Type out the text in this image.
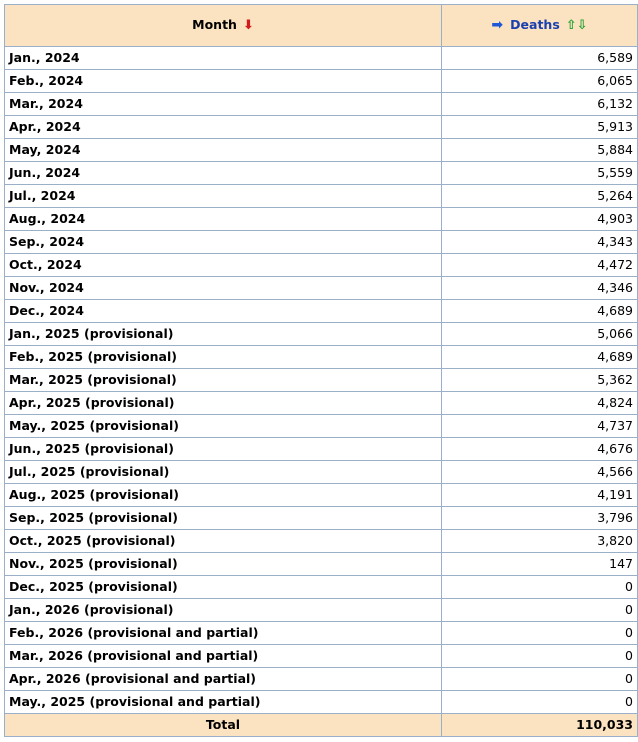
Month ⬇	➡ Deaths ⇧⇩
Jan., 2024	6,589
Feb., 2024	6,065
Mar., 2024	6,132
Apr., 2024	5,913
May, 2024	5,884
Jun., 2024	5,559
Jul., 2024	5,264
Aug., 2024	4,903
Sep., 2024	4,343
Oct., 2024	4,472
Nov., 2024	4,346
Dec., 2024	4,689
Jan., 2025 (provisional)	5,066
Feb., 2025 (provisional)	4,689
Mar., 2025 (provisional)	5,362
Apr., 2025 (provisional)	4,824
May., 2025 (provisional)	4,737
Jun., 2025 (provisional)	4,676
Jul., 2025 (provisional)	4,566
Aug., 2025 (provisional)	4,191
Sep., 2025 (provisional)	3,796
Oct., 2025 (provisional)	3,820
Nov., 2025 (provisional)	147
Dec., 2025 (provisional)	0
Jan., 2026 (provisional)	0
Feb., 2026 (provisional and partial)	0
Mar., 2026 (provisional and partial)	0
Apr., 2026 (provisional and partial)	0
May., 2025 (provisional and partial)	0
Total	110,033
